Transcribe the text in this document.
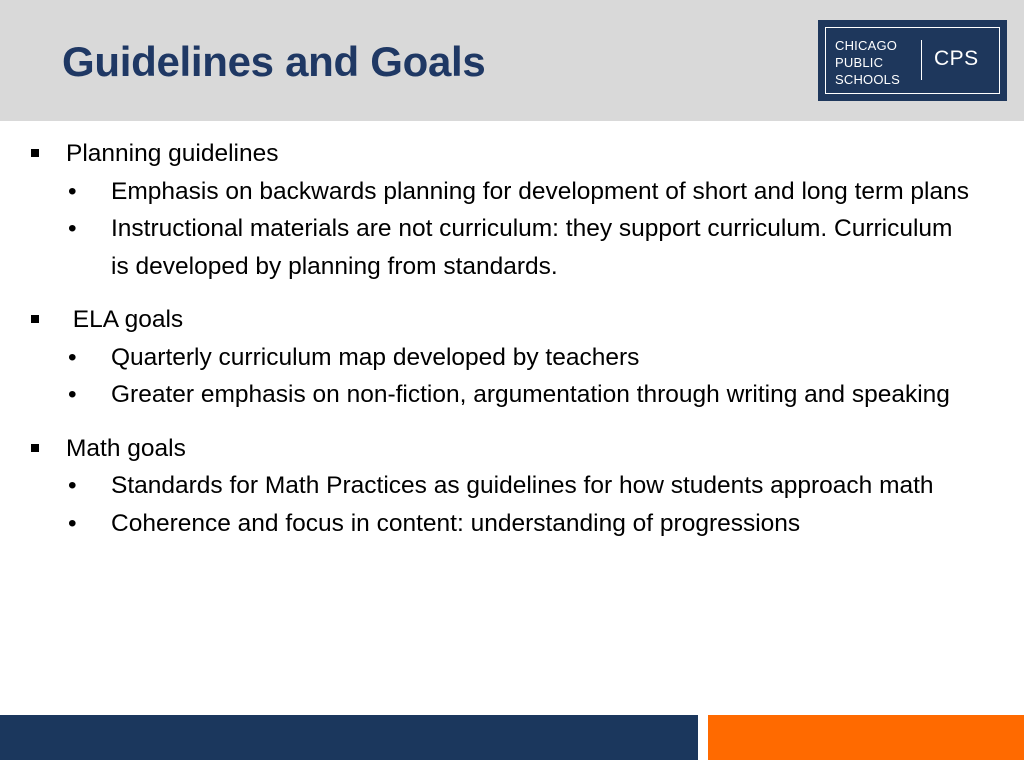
Guidelines and Goals	CHICAGO
PUBLIC
SCHOOLS
CPS
Planning guidelines
• Emphasis on backwards planning for development of short and long term plans
• Instructional materials are not curriculum: they support curriculum. Curriculum is developed by planning from standards.
ELA goals
• Quarterly curriculum map developed by teachers
• Greater emphasis on non-fiction, argumentation through writing and speaking
Math goals
• Standards for Math Practices as guidelines for how students approach math
• Coherence and focus in content: understanding of progressions
